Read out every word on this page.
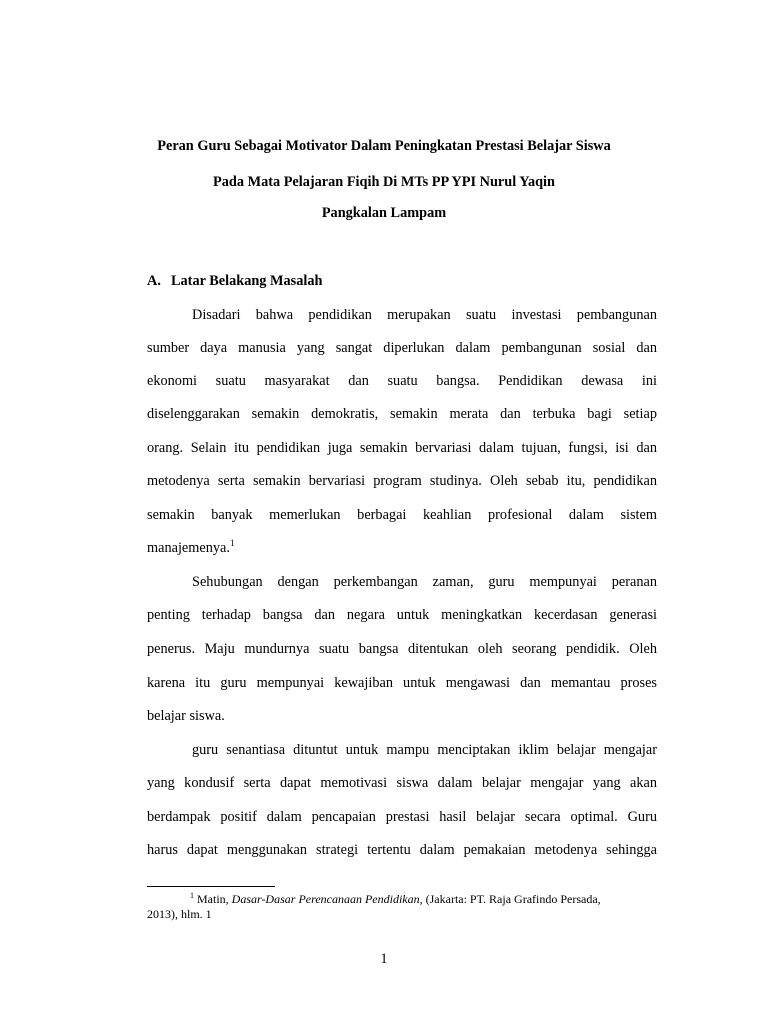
Peran Guru Sebagai Motivator Dalam Peningkatan Prestasi Belajar Siswa
Pada Mata Pelajaran Fiqih Di MTs PP YPI Nurul Yaqin
Pangkalan Lampam
A. Latar Belakang Masalah
Disadari bahwa pendidikan merupakan suatu investasi pembangunan
sumber daya manusia yang sangat diperlukan dalam pembangunan sosial dan
ekonomi suatu masyarakat dan suatu bangsa. Pendidikan dewasa ini
diselenggarakan semakin demokratis, semakin merata dan terbuka bagi setiap
orang. Selain itu pendidikan juga semakin bervariasi dalam tujuan, fungsi, isi dan
metodenya serta semakin bervariasi program studinya. Oleh sebab itu, pendidikan
semakin banyak memerlukan berbagai keahlian profesional dalam sistem
manajemenya.$^1$
Sehubungan dengan perkembangan zaman, guru mempunyai peranan
penting terhadap bangsa dan negara untuk meningkatkan kecerdasan generasi
penerus. Maju mundurnya suatu bangsa ditentukan oleh seorang pendidik. Oleh
karena itu guru mempunyai kewajiban untuk mengawasi dan memantau proses
belajar siswa.
guru senantiasa dituntut untuk mampu menciptakan iklim belajar mengajar
yang kondusif serta dapat memotivasi siswa dalam belajar mengajar yang akan
berdampak positif dalam pencapaian prestasi hasil belajar secara optimal. Guru
harus dapat menggunakan strategi tertentu dalam pemakaian metodenya sehingga
$^1$ Matin, Dasar-Dasar Perencanaan Pendidikan, (Jakarta: PT. Raja Grafindo Persada,
2013), hlm. 1
1
